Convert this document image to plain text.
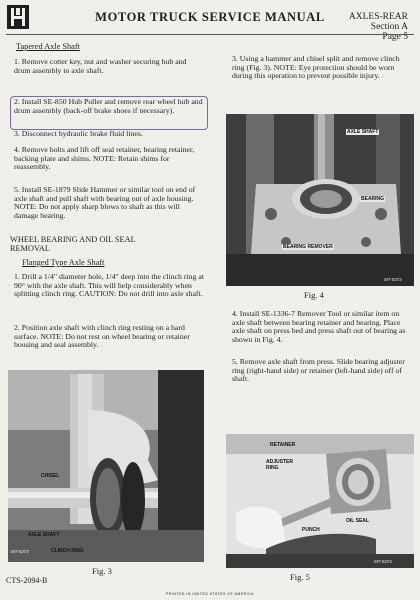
MOTOR TRUCK SERVICE MANUAL	AXLES-REAR
Section A
Page 5
Tapered Axle Shaft
1. Remove cotter key, nut and washer securing hub and drum assembly to axle shaft.
2. Install SE-850 Hub Puller and remove rear wheel hub and drum assembly (back-off brake shoes if necessary).
3. Disconnect hydraulic brake fluid lines.
4. Remove bolts and lift off seal retainer, bearing retainer, backing plate and shims. NOTE: Retain shims for reassembly.
5. Install SE-1879 Slide Hammer or similar tool on end of axle shaft and pull shaft with bearing out of axle housing. NOTE: Do not apply sharp blows to shaft as this will damage bearing.
WHEEL BEARING AND OIL SEAL
REMOVAL
Flanged Type Axle Shaft
1. Drill a 1/4" diameter hole, 1/4" deep into the clinch ring at 90° with the axle shaft. This will help considerably when splitting clinch ring. CAUTION: Do not drill into axle shaft.
2. Position axle shaft with clinch ring resting on a hard surface. NOTE: Do not rest on wheel bearing or retainer housing and seal assembly.
CHISEL
AXLE SHAFT
CLINCH RING
MT-5373
Fig. 3
CTS-2094-B
3. Using a hammer and chisel split and remove clinch ring (Fig. 3). NOTE: Eye protection should be worn during this operation to prevent possible injury.
AXLE SHAFT
BEARING
BEARING REMOVER
MT-5373
Fig. 4
4. Install SE-1336-7 Remover Tool or similar item on axle shaft between bearing retainer and bearing. Place axle shaft on press bed and press shaft out of bearing as shown in Fig. 4.
5. Remove axle shaft from press. Slide bearing adjuster ring (right-hand side) or retainer (left-hand side) off of shaft.
RETAINER
ADJUSTER RING
OIL SEAL
PUNCH
MT-5374
Fig. 5
PRINTED IN UNITED STATES OF AMERICA
